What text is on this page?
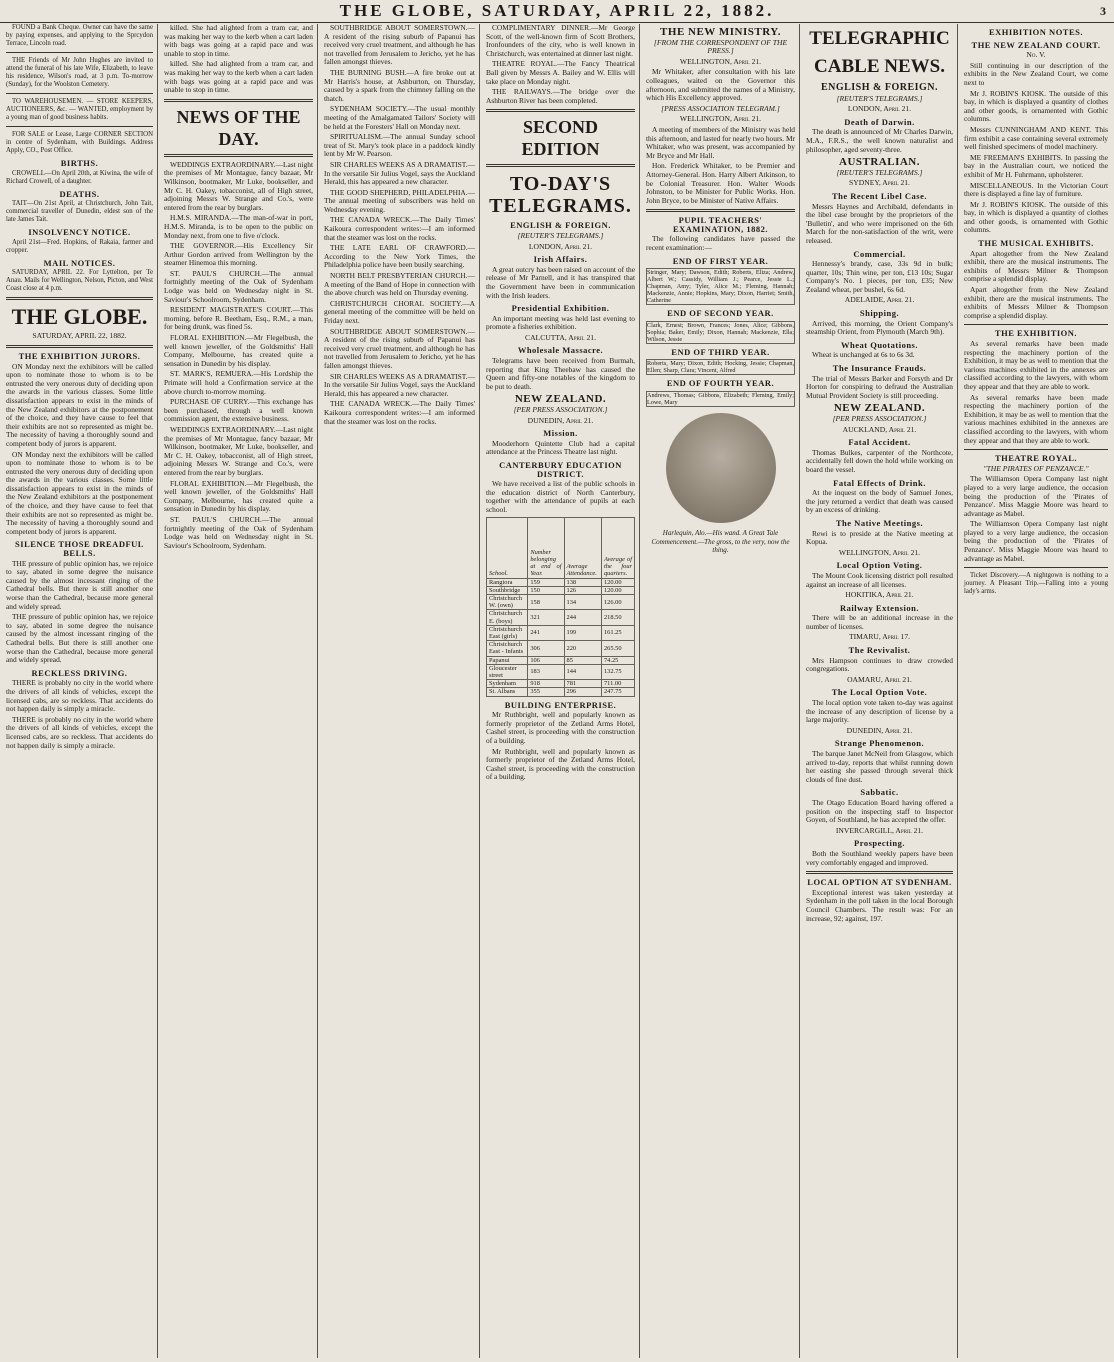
THE GLOBE, SATURDAY, APRIL 22, 1882.	3

FOUND a Bank Cheque. Owner can have the same by paying expenses, and applying to the Sprcydon Terrace, Lincoln road.

THE Friends of Mr John Hughes are invited to attend the funeral of his late Wife, Elizabeth, to leave his residence, Wilson's road, at 3 p.m. To-morrow (Sunday), for the Woolston Cemetery.

TO WAREHOUSEMEN. — STORE KEEPERS, AUCTIONEERS, &c. — WANTED, employment by a young man of good business habits.

FOR SALE or Lease, Large CORNER SECTION in centre of Sydenham, with Buildings. Address Apply, CO., Post Office.

BIRTHS.

CROWELL—On April 20th, at Kiwina, the wife of Richard Crowell, of a daughter.

DEATHS.

TAIT—On 21st April, at Christchurch, John Tait, commercial traveller of Dunedin, eldest son of the late James Tait.

INSOLVENCY NOTICE.

April 21st—Fred. Hopkins, of Rakaia, farmer and cropper.

MAIL NOTICES.

SATURDAY, APRIL 22. For Lyttelton, per Te Anau. Mails for Wellington, Nelson, Picton, and West Coast close at 4 p.m.

THE GLOBE.
SATURDAY, APRIL 22, 1882.
THE EXHIBITION JURORS.

ON Monday next the exhibitors will be called upon to nominate those to whom is to be entrusted the very onerous duty of deciding upon the awards in the various classes. Some little dissatisfaction appears to exist in the minds of the New Zealand exhibitors at the postponement of the choice, and they have cause to feel that their exhibits are not so represented as might be. The necessity of having a thoroughly sound and competent body of jurors is apparent.

ON Monday next the exhibitors will be called upon to nominate those to whom is to be entrusted the very onerous duty of deciding upon the awards in the various classes. Some little dissatisfaction appears to exist in the minds of the New Zealand exhibitors at the postponement of the choice, and they have cause to feel that their exhibits are not so represented as might be. The necessity of having a thoroughly sound and competent body of jurors is apparent.

SILENCE THOSE DREADFUL BELLS.

THE pressure of public opinion has, we rejoice to say, abated in some degree the nuisance caused by the almost incessant ringing of the Cathedral bells. But there is still another one worse than the Cathedral, because more general and widely spread.

THE pressure of public opinion has, we rejoice to say, abated in some degree the nuisance caused by the almost incessant ringing of the Cathedral bells. But there is still another one worse than the Cathedral, because more general and widely spread.

RECKLESS DRIVING.

THERE is probably no city in the world where the drivers of all kinds of vehicles, except the licensed cabs, are so reckless. That accidents do not happen daily is simply a miracle.

THERE is probably no city in the world where the drivers of all kinds of vehicles, except the licensed cabs, are so reckless. That accidents do not happen daily is simply a miracle.

killed. She had alighted from a tram car, and was making her way to the kerb when a cart laden with bags was going at a rapid pace and was unable to stop in time.

killed. She had alighted from a tram car, and was making her way to the kerb when a cart laden with bags was going at a rapid pace and was unable to stop in time.

NEWS OF THE DAY.

WEDDINGS EXTRAORDINARY.—Last night the premises of Mr Montague, fancy bazaar, Mr Wilkinson, bootmaker, Mr Luke, bookseller, and Mr C. H. Oakey, tobacconist, all of High street, adjoining Messrs W. Strange and Co.'s, were entered from the rear by burglars.

H.M.S. MIRANDA.—The man-of-war in port, H.M.S. Miranda, is to be open to the public on Monday next, from one to five o'clock.

THE GOVERNOR.—His Excellency Sir Arthur Gordon arrived from Wellington by the steamer Hinemoa this morning.

ST. PAUL'S CHURCH.—The annual fortnightly meeting of the Oak of Sydenham Lodge was held on Wednesday night in St. Saviour's Schoolroom, Sydenham.

RESIDENT MAGISTRATE'S COURT.—This morning, before R. Beetham, Esq., R.M., a man, for being drunk, was fined 5s.

FLORAL EXHIBITION.—Mr Flegelbush, the well known jeweller, of the Goldsmiths' Hall Company, Melbourne, has created quite a sensation in Dunedin by his display.

ST. MARK'S, REMUERA.—His Lordship the Primate will hold a Confirmation service at the above church to-morrow morning.

PURCHASE OF CURRY.—This exchange has been purchased, through a well known commission agent, the extensive business.

WEDDINGS EXTRAORDINARY.—Last night the premises of Mr Montague, fancy bazaar, Mr Wilkinson, bootmaker, Mr Luke, bookseller, and Mr C. H. Oakey, tobacconist, all of High street, adjoining Messrs W. Strange and Co.'s, were entered from the rear by burglars.

FLORAL EXHIBITION.—Mr Flegelbush, the well known jeweller, of the Goldsmiths' Hall Company, Melbourne, has created quite a sensation in Dunedin by his display.

ST. PAUL'S CHURCH.—The annual fortnightly meeting of the Oak of Sydenham Lodge was held on Wednesday night in St. Saviour's Schoolroom, Sydenham.

SOUTHBRIDGE ABOUT SOMERSTOWN.—A resident of the rising suburb of Papanui has received very cruel treatment, and although he has not travelled from Jerusalem to Jericho, yet he has fallen amongst thieves.

THE BURNING BUSH.—A fire broke out at Mr Harris's house, at Ashburton, on Thursday, caused by a spark from the chimney falling on the thatch.

SYDENHAM SOCIETY.—The usual monthly meeting of the Amalgamated Tailors' Society will be held at the Foresters' Hall on Monday next.

SPIRITUALISM.—The annual Sunday school treat of St. Mary's took place in a paddock kindly lent by Mr W. Pearson.

SIR CHARLES WEEKS AS A DRAMATIST.—In the versatile Sir Julius Vogel, says the Auckland Herald, this has appeared a new character.

THE GOOD SHEPHERD, PHILADELPHIA.—The annual meeting of subscribers was held on Wednesday evening.

THE CANADA WRECK.—The Daily Times' Kaikoura correspondent writes:—I am informed that the steamer was lost on the rocks.

THE LATE EARL OF CRAWFORD.—According to the New York Times, the Philadelphia police have been busily searching.

NORTH BELT PRESBYTERIAN CHURCH.—A meeting of the Band of Hope in connection with the above church was held on Thursday evening.

CHRISTCHURCH CHORAL SOCIETY.—A general meeting of the committee will be held on Friday next.

SOUTHBRIDGE ABOUT SOMERSTOWN.—A resident of the rising suburb of Papanui has received very cruel treatment, and although he has not travelled from Jerusalem to Jericho, yet he has fallen amongst thieves.

SIR CHARLES WEEKS AS A DRAMATIST.—In the versatile Sir Julius Vogel, says the Auckland Herald, this has appeared a new character.

THE CANADA WRECK.—The Daily Times' Kaikoura correspondent writes:—I am informed that the steamer was lost on the rocks.

COMPLIMENTARY DINNER.—Mr George Scott, of the well-known firm of Scott Brothers, Ironfounders of the city, who is well known in Christchurch, was entertained at dinner last night.

THEATRE ROYAL.—The Fancy Theatrical Ball given by Messrs A. Bailey and W. Ellis will take place on Monday night.

THE RAILWAYS.—The bridge over the Ashburton River has been completed.

SECOND EDITION
TO-DAY'S
TELEGRAMS.
ENGLISH & FOREIGN.
[REUTER'S TELEGRAMS.]
LONDON, April 21.
Irish Affairs.

A great outcry has been raised on account of the release of Mr Parnell, and it has transpired that the Government have been in communication with the Irish leaders.

Presidential Exhibition.

An important meeting was held last evening to promote a fisheries exhibition.

CALCUTTA, April 21.
Wholesale Massacre.

Telegrams have been received from Burmah, reporting that King Theebaw has caused the Queen and fifty-one notables of the kingdom to be put to death.

NEW ZEALAND.
[PER PRESS ASSOCIATION.]
DUNEDIN, April 21.
Mission.

Mooderhorn Quintette Club had a capital attendance at the Princess Theatre last night.

CANTERBURY EDUCATION DISTRICT.

We have received a list of the public schools in the education district of North Canterbury, together with the attendance of pupils at each school.

School.	Number belonging at end of Year.	Average Attendance.	Average of the four quarters.
Rangiora	159	138	120.00
Southbridge	150	126	120.00
Christchurch W. (own)	158	134	126.00
Christchurch E. (boys)	321	244	218.50
Christchurch East (girls)	241	199	161.25
Christchurch East - Infants	306	220	265.50
Papanui	106	85	74.25
Gloucester street	183	144	132.75
Sydenham	918	781	711.00
St. Albans	355	296	247.75
BUILDING ENTERPRISE.

Mr Ruthbright, well and popularly known as formerly proprietor of the Zetland Arms Hotel, Cashel street, is proceeding with the construction of a building.

Mr Ruthbright, well and popularly known as formerly proprietor of the Zetland Arms Hotel, Cashel street, is proceeding with the construction of a building.

THE NEW MINISTRY.
[FROM THE CORRESPONDENT OF THE PRESS.]
WELLINGTON, April 21.

Mr Whitaker, after consultation with his late colleagues, waited on the Governor this afternoon, and submitted the names of a Ministry, which His Excellency approved.

[PRESS ASSOCIATION TELEGRAM.]
WELLINGTON, April 21.

A meeting of members of the Ministry was held this afternoon, and lasted for nearly two hours. Mr Whitaker, who was present, was accompanied by Mr Bryce and Mr Hall.

Hon. Frederick Whitaker, to be Premier and Attorney-General. Hon. Harry Albert Atkinson, to be Colonial Treasurer. Hon. Walter Woods Johnston, to be Minister for Public Works. Hon. John Bryce, to be Minister of Native Affairs.

PUPIL TEACHERS' EXAMINATION, 1882.

The following candidates have passed the recent examination:—

END OF FIRST YEAR.
Stringer, Mary; Dawson, Edith; Roberts, Eliza; Andrew, Albert W.; Cassidy, William J.; Pearce, Jessie L.; Chapman, Amy; Tyler, Alice M.; Fleming, Hannah; Mackenzie, Annie; Hopkins, Mary; Dixon, Harriet; Smith, Catherine
END OF SECOND YEAR.
Clark, Ernest; Brown, Frances; Jones, Alice; Gibbons, Sophia; Baker, Emily; Dixon, Hannah; Mackenzie, Ella; Wilson, Jessie
END OF THIRD YEAR.
Roberts, Mary; Dixon, Edith; Hocking, Jessie; Chapman, Ellen; Sharp, Clara; Vincent, Alfred
END OF FOURTH YEAR.
Andrews, Thomas; Gibbons, Elizabeth; Fleming, Emily; Lowe, Mary
Harlequin, Alo.—His wand. A Great Tale Commencement.—The gross, to the very, now the thing.
TELEGRAPHIC
CABLE NEWS.
ENGLISH & FOREIGN.
[REUTER'S TELEGRAMS.]
LONDON, April 21.
Death of Darwin.

The death is announced of Mr Charles Darwin, M.A., F.R.S., the well known naturalist and philosopher, aged seventy-three.

AUSTRALIAN.
[REUTER'S TELEGRAMS.]
SYDNEY, April 21.
The Recent Libel Case.

Messrs Haynes and Archibald, defendants in the libel case brought by the proprietors of the 'Bulletin', and who were imprisoned on the 6th March for the non-satisfaction of the writ, were released.

Commercial.

Hennessy's brandy, case, 33s 9d in bulk; quarter, 10s; Thin wine, per ton, £13 10s; Sugar Company's No. 1 pieces, per ton, £35; New Zealand wheat, per bushel, 6s 6d.

ADELAIDE, April 21.
Shipping.

Arrived, this morning, the Orient Company's steamship Orient, from Plymouth (March 9th).

Wheat Quotations.

Wheat is unchanged at 6s to 6s 3d.

The Insurance Frauds.

The trial of Messrs Barker and Forsyth and Dr Horton for conspiring to defraud the Australian Mutual Provident Society is still proceeding.

NEW ZEALAND.
[PER PRESS ASSOCIATION.]
AUCKLAND, April 21.
Fatal Accident.

Thomas Bulkes, carpenter of the Northcote, accidentally fell down the hold while working on board the vessel.

Fatal Effects of Drink.

At the inquest on the body of Samuel Jones, the jury returned a verdict that death was caused by an excess of drinking.

The Native Meetings.

Rewi is to preside at the Native meeting at Kopua.

WELLINGTON, April 21.
Local Option Voting.

The Mount Cook licensing district poll resulted against an increase of all licenses.

HOKITIKA, April 21.
Railway Extension.

There will be an additional increase in the number of licenses.

TIMARU, April 17.
The Revivalist.

Mrs Hampson continues to draw crowded congregations.

OAMARU, April 21.
The Local Option Vote.

The local option vote taken to-day was against the increase of any description of license by a large majority.

DUNEDIN, April 21.
Strange Phenomenon.

The barque Janet McNeil from Glasgow, which arrived to-day, reports that whilst running down her easting she passed through several thick clouds of fine dust.

Sabbatic.

The Otago Education Board having offered a position on the inspecting staff to Inspector Goyen, of Southland, he has accepted the offer.

INVERCARGILL, April 21.
Prospecting.

Both the Southland weekly papers have been very comfortably engaged and improved.

LOCAL OPTION AT SYDENHAM.

Exceptional interest was taken yesterday at Sydenham in the poll taken in the local Borough Council Chambers. The result was: For an increase, 92; against, 197.

EXHIBITION NOTES.
THE NEW ZEALAND COURT.
No. V.

Still continuing in our description of the exhibits in the New Zealand Court, we come next to

Mr J. ROBIN'S KIOSK. The outside of this bay, in which is displayed a quantity of clothes and other goods, is ornamented with Gothic columns.

Messrs CUNNINGHAM AND KENT. This firm exhibit a case containing several extremely well finished specimens of model machinery.

ME FREEMAN'S EXHIBITS. In passing the bay in the Australian court, we noticed the exhibit of Mr H. Fuhrmann, upholsterer.

MISCELLANEOUS. In the Victorian Court there is displayed a fine lay of furniture.

Mr J. ROBIN'S KIOSK. The outside of this bay, in which is displayed a quantity of clothes and other goods, is ornamented with Gothic columns.

THE MUSICAL EXHIBITS.

Apart altogether from the New Zealand exhibit, there are the musical instruments. The exhibits of Messrs Milner & Thompson comprise a splendid display.

Apart altogether from the New Zealand exhibit, there are the musical instruments. The exhibits of Messrs Milner & Thompson comprise a splendid display.

THE EXHIBITION.

As several remarks have been made respecting the machinery portion of the Exhibition, it may be as well to mention that the various machines exhibited in the annexes are classified according to the lawyers, with whom they appear and that they are able to work.

As several remarks have been made respecting the machinery portion of the Exhibition, it may be as well to mention that the various machines exhibited in the annexes are classified according to the lawyers, with whom they appear and that they are able to work.

THEATRE ROYAL.
"THE PIRATES OF PENZANCE."

The Williamson Opera Company last night played to a very large audience, the occasion being the production of the 'Pirates of Penzance'. Miss Maggie Moore was heard to advantage as Mabel.

The Williamson Opera Company last night played to a very large audience, the occasion being the production of the 'Pirates of Penzance'. Miss Maggie Moore was heard to advantage as Mabel.

Ticket Discovery.—A nightgown is nothing to a journey. A Pleasant Trip.—Falling into a young lady's arms.
